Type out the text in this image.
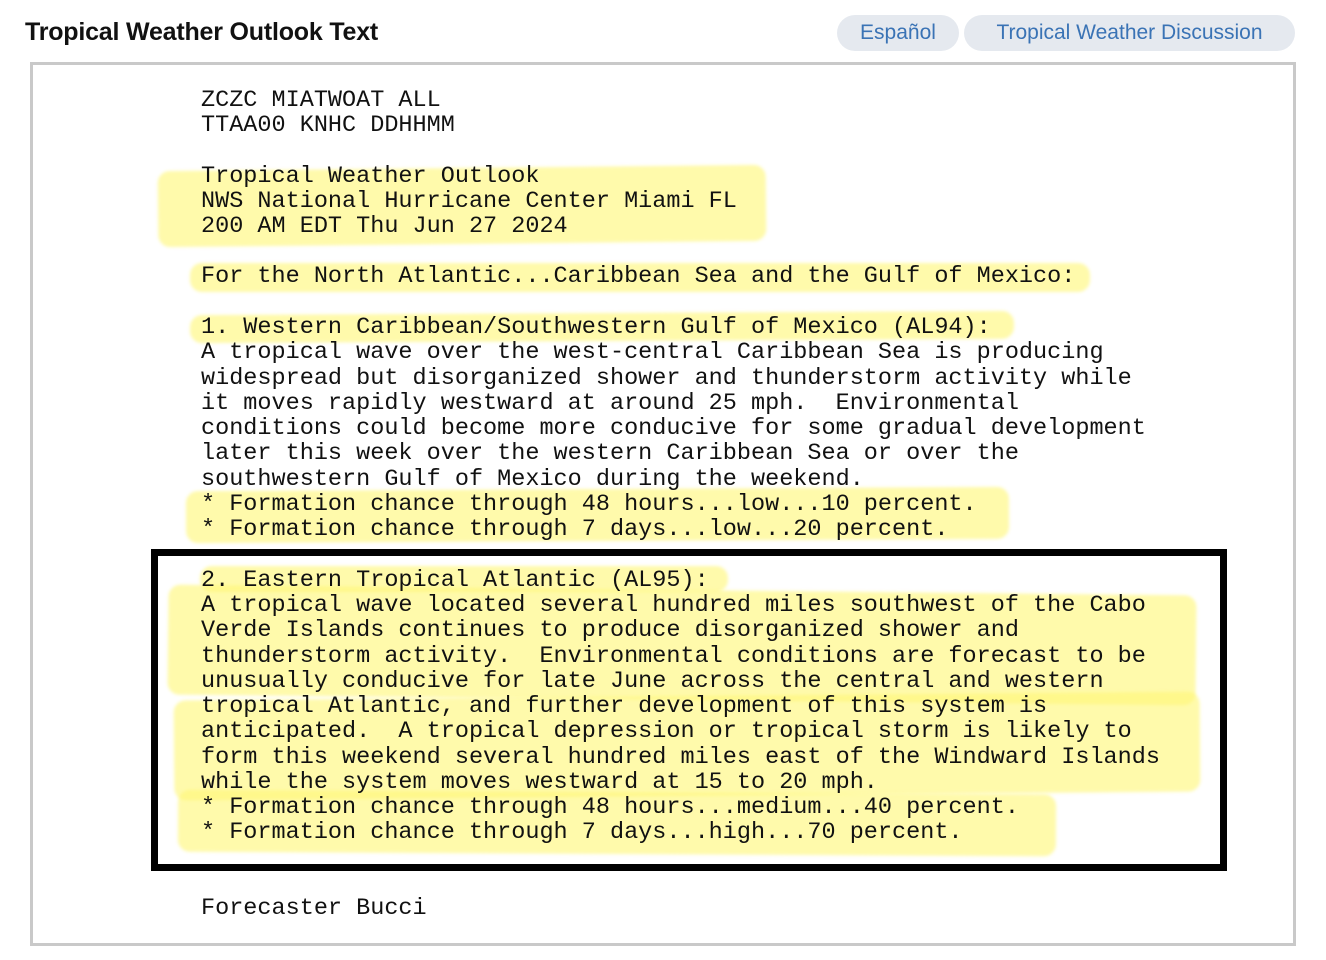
Tropical Weather Outlook Text	Español	Tropical Weather Discussion
ZCZC MIATWOAT ALL
TTAA00 KNHC DDHHMM
Tropical Weather Outlook
NWS National Hurricane Center Miami FL
200 AM EDT Thu Jun 27 2024
For the North Atlantic...Caribbean Sea and the Gulf of Mexico:
1. Western Caribbean/Southwestern Gulf of Mexico (AL94):
A tropical wave over the west-central Caribbean Sea is producing
widespread but disorganized shower and thunderstorm activity while
it moves rapidly westward at around 25 mph.  Environmental
conditions could become more conducive for some gradual development
later this week over the western Caribbean Sea or over the
southwestern Gulf of Mexico during the weekend.
* Formation chance through 48 hours...low...10 percent.
* Formation chance through 7 days...low...20 percent.
2. Eastern Tropical Atlantic (AL95):
A tropical wave located several hundred miles southwest of the Cabo
Verde Islands continues to produce disorganized shower and
thunderstorm activity.  Environmental conditions are forecast to be
unusually conducive for late June across the central and western
tropical Atlantic, and further development of this system is
anticipated.  A tropical depression or tropical storm is likely to
form this weekend several hundred miles east of the Windward Islands
while the system moves westward at 15 to 20 mph.
* Formation chance through 48 hours...medium...40 percent.
* Formation chance through 7 days...high...70 percent.
Forecaster Bucci
